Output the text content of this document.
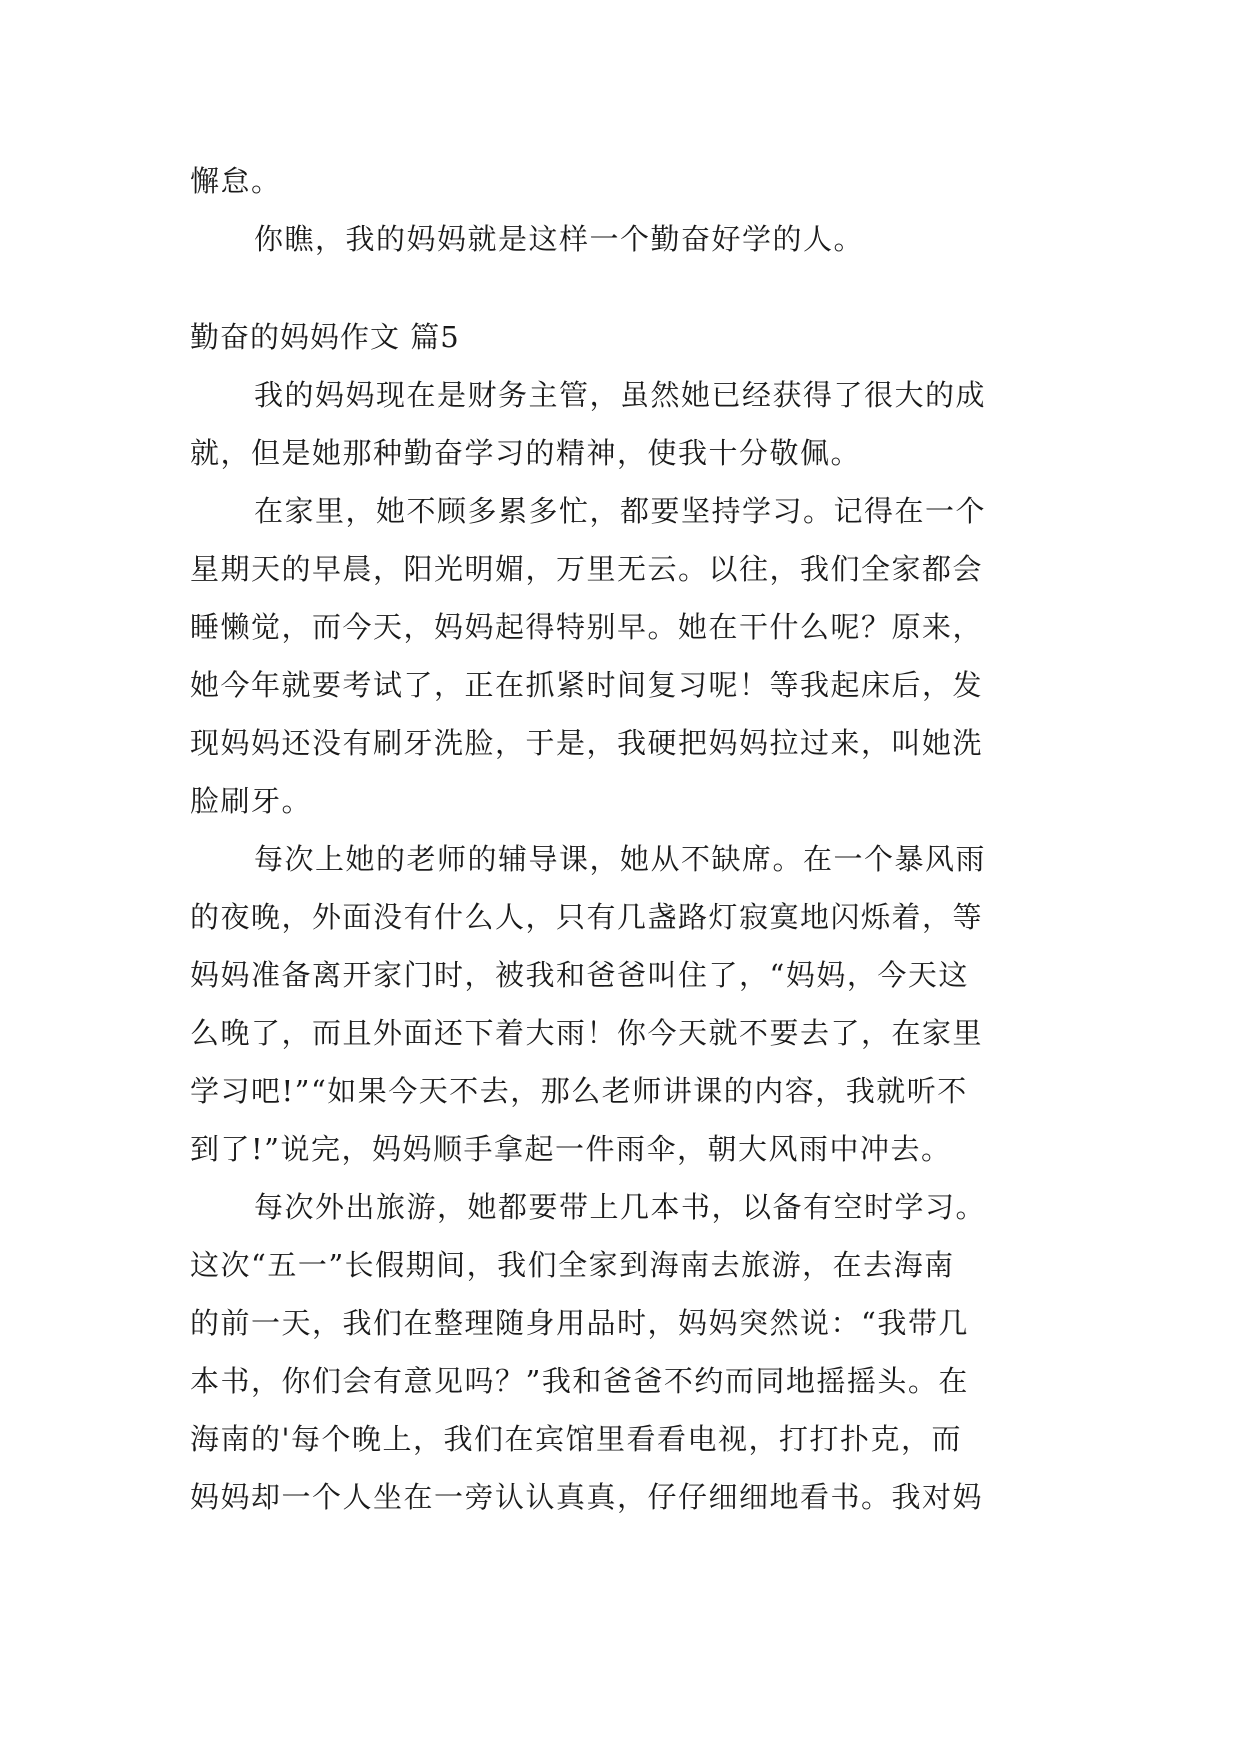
懈怠。
你瞧，我的妈妈就是这样一个勤奋好学的人。
勤奋的妈妈作文 篇5
我的妈妈现在是财务主管，虽然她已经获得了很大的成
就，但是她那种勤奋学习的精神，使我十分敬佩。
在家里，她不顾多累多忙，都要坚持学习。记得在一个
星期天的早晨，阳光明媚，万里无云。以往，我们全家都会
睡懒觉，而今天，妈妈起得特别早。她在干什么呢？原来，
她今年就要考试了，正在抓紧时间复习呢！等我起床后，发
现妈妈还没有刷牙洗脸，于是，我硬把妈妈拉过来，叫她洗
脸刷牙。
每次上她的老师的辅导课，她从不缺席。在一个暴风雨
的夜晚，外面没有什么人，只有几盏路灯寂寞地闪烁着，等
妈妈准备离开家门时，被我和爸爸叫住了，“妈妈，今天这
么晚了，而且外面还下着大雨！你今天就不要去了，在家里
学习吧!”“如果今天不去，那么老师讲课的内容，我就听不
到了!”说完，妈妈顺手拿起一件雨伞，朝大风雨中冲去。
每次外出旅游，她都要带上几本书，以备有空时学习。
这次“五一”长假期间，我们全家到海南去旅游，在去海南
的前一天，我们在整理随身用品时，妈妈突然说：“我带几
本书，你们会有意见吗？”我和爸爸不约而同地摇摇头。在
海南的'每个晚上，我们在宾馆里看看电视，打打扑克，而
妈妈却一个人坐在一旁认认真真，仔仔细细地看书。我对妈
